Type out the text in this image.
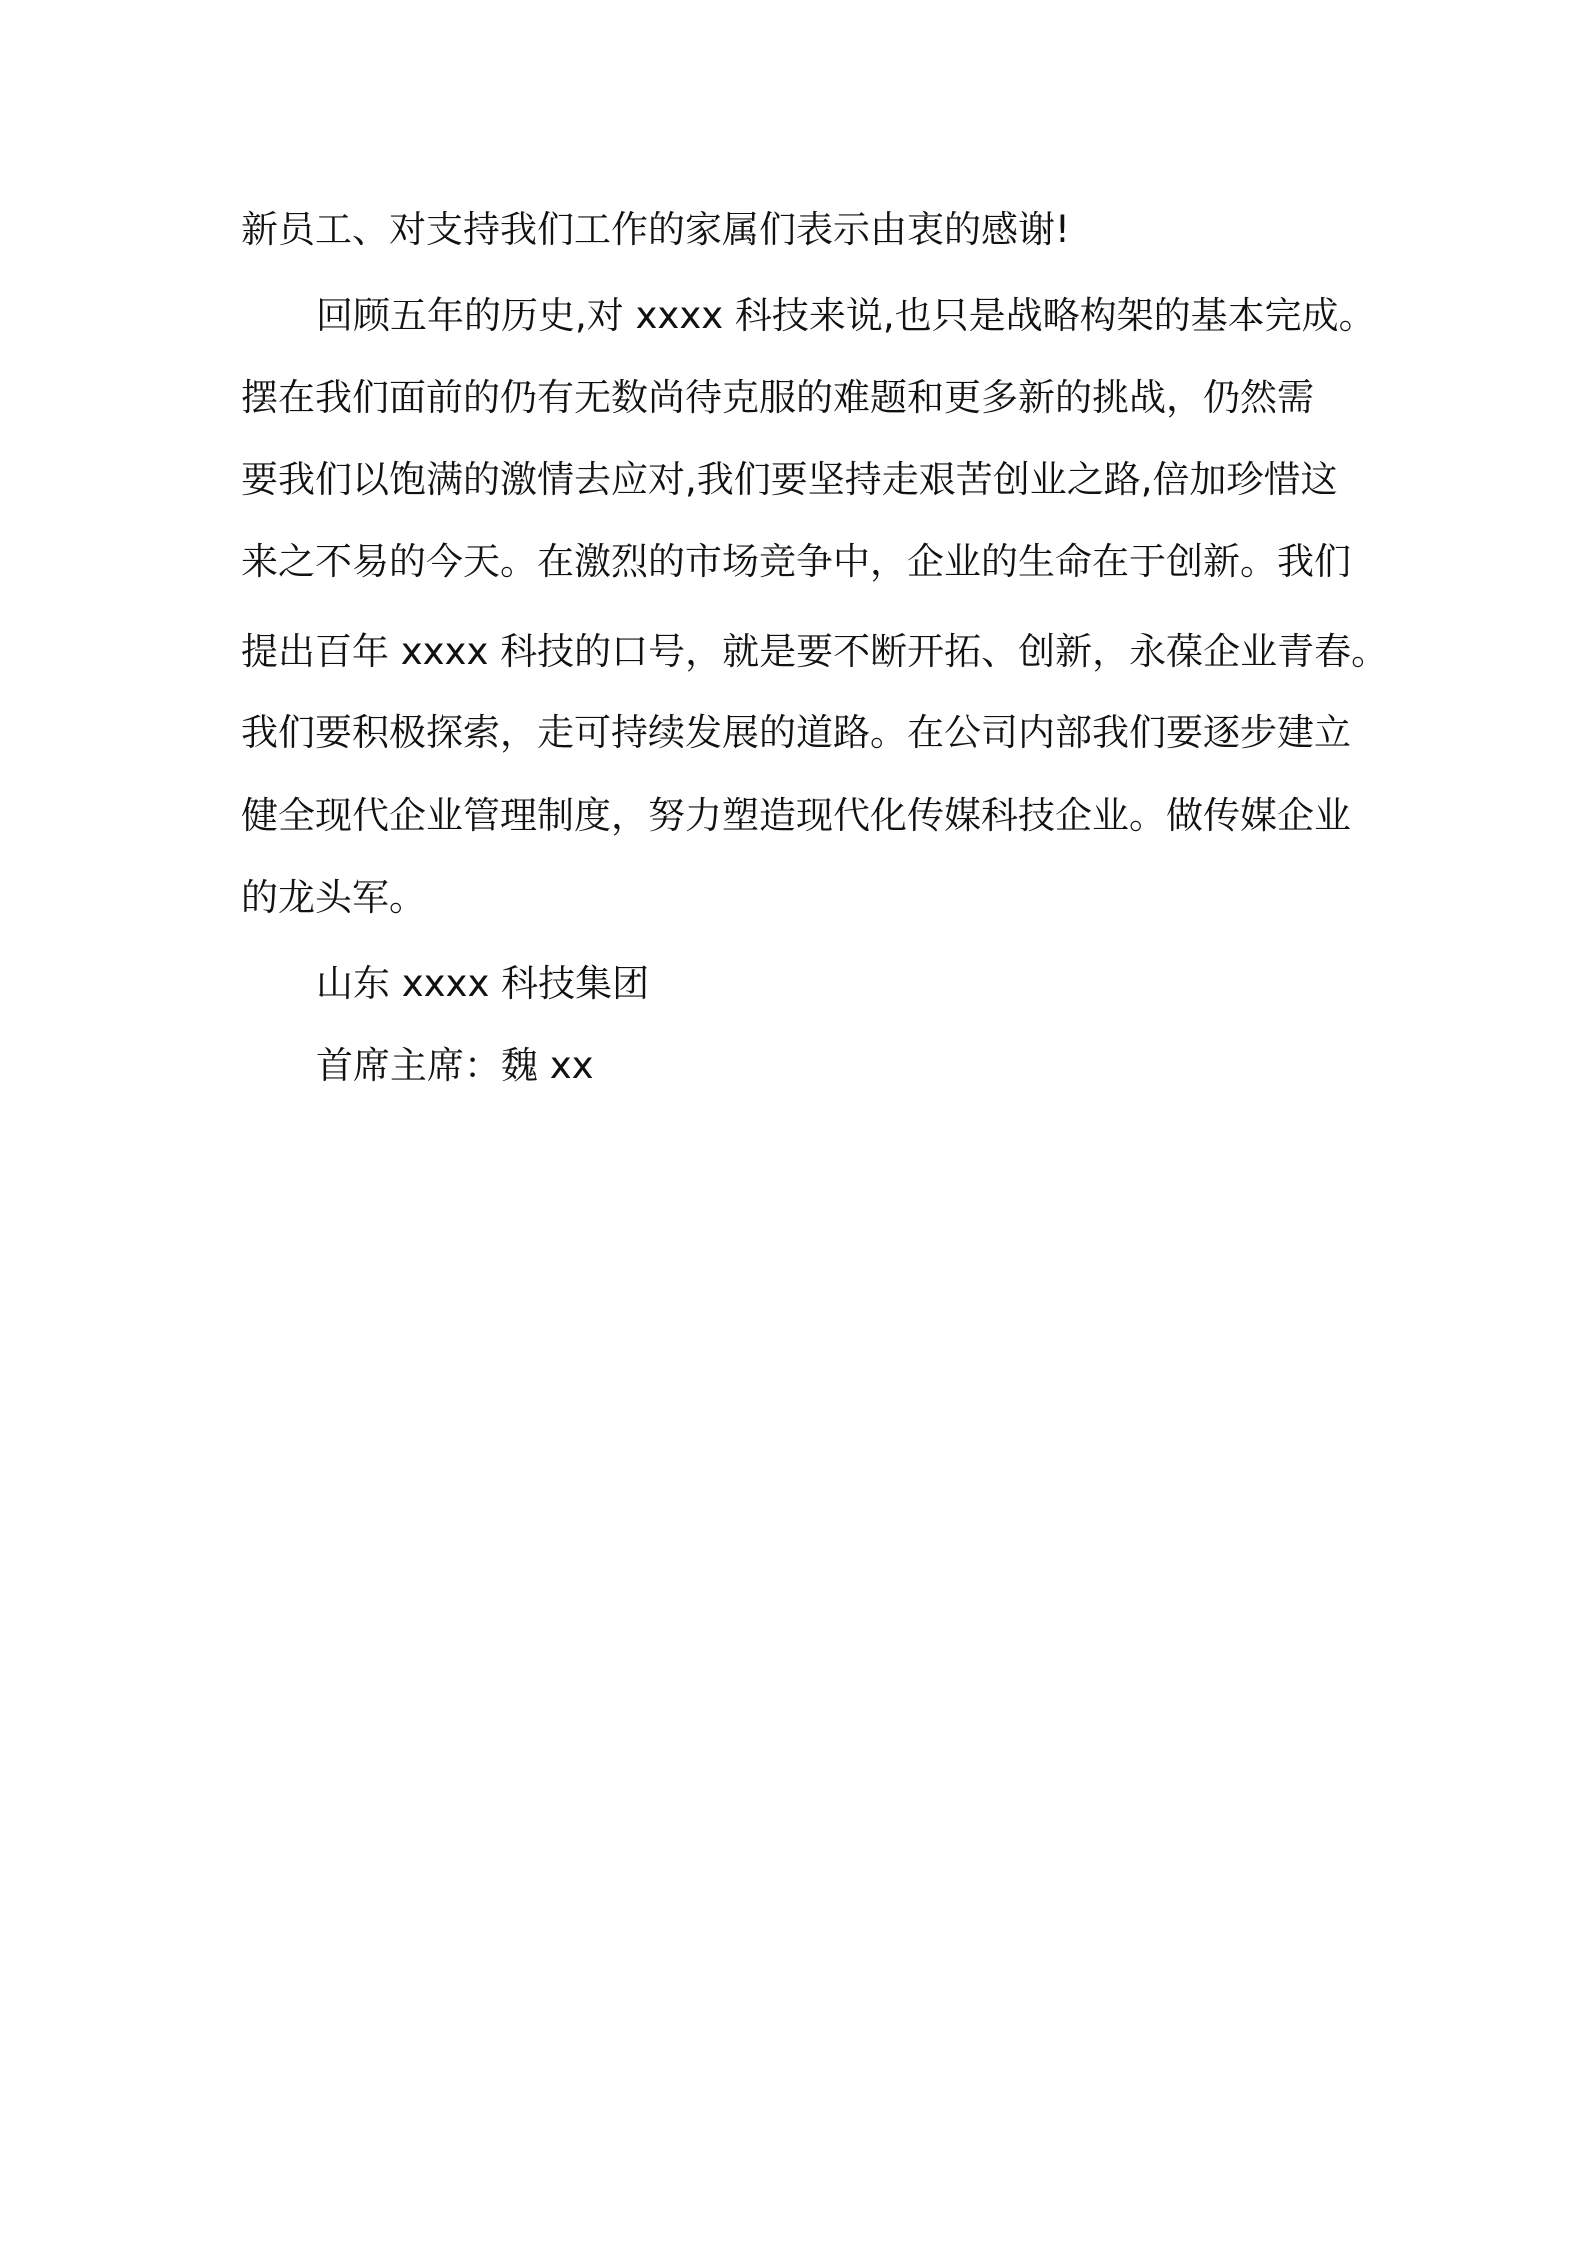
新员工、对支持我们工作的家属们表示由衷的感谢!
回顾五年的历史,对 xxxx 科技来说,也只是战略构架的基本完成。
摆在我们面前的仍有无数尚待克服的难题和更多新的挑战，仍然需
要我们以饱满的激情去应对,我们要坚持走艰苦创业之路,倍加珍惜这
来之不易的今天。在激烈的市场竞争中，企业的生命在于创新。我们
提出百年 xxxx 科技的口号，就是要不断开拓、创新，永葆企业青春。
我们要积极探索，走可持续发展的道路。在公司内部我们要逐步建立
健全现代企业管理制度，努力塑造现代化传媒科技企业。做传媒企业
的龙头军。
山东 xxxx 科技集团
首席主席：魏 xx
